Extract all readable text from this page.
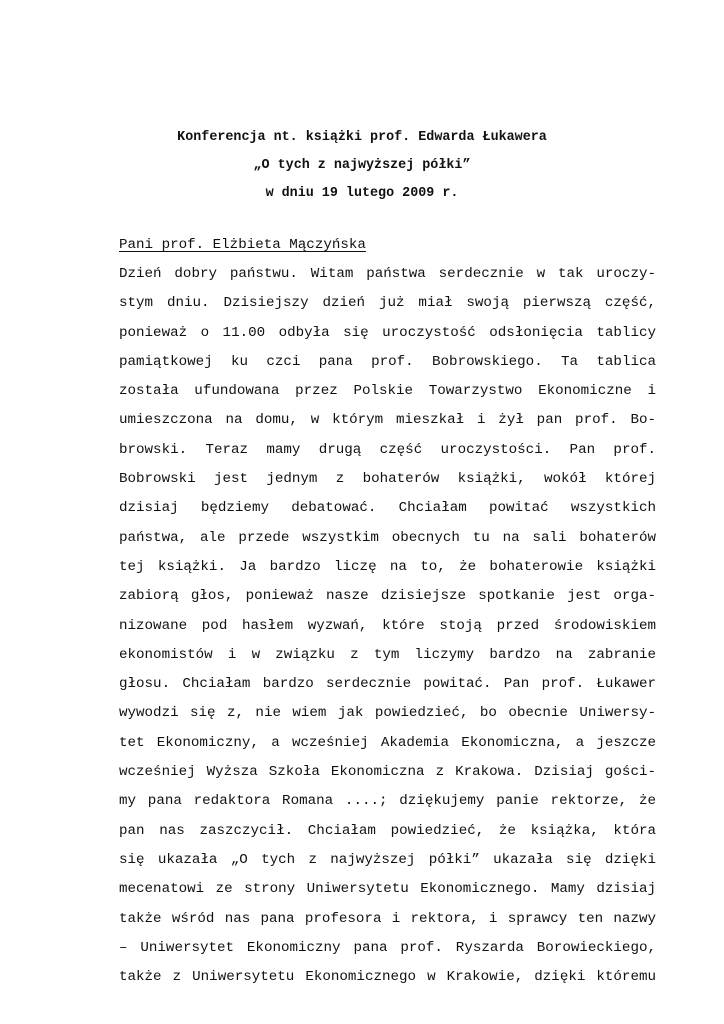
Konferencja nt. książki prof. Edwarda Łukawera
„O tych z najwyższej półki”
w dniu 19 lutego 2009 r.
Pani prof. Elżbieta Mączyńska
Dzień dobry państwu. Witam państwa serdecznie w tak uroczy-
stym dniu. Dzisiejszy dzień już miał swoją pierwszą część,
ponieważ o 11.00 odbyła się uroczystość odsłonięcia tablicy
pamiątkowej ku czci pana prof. Bobrowskiego. Ta tablica
została ufundowana przez Polskie Towarzystwo Ekonomiczne i
umieszczona na domu, w którym mieszkał i żył pan prof. Bo-
browski. Teraz mamy drugą część uroczystości. Pan prof.
Bobrowski jest jednym z bohaterów książki, wokół której
dzisiaj będziemy debatować. Chciałam powitać wszystkich
państwa, ale przede wszystkim obecnych tu na sali bohaterów
tej książki. Ja bardzo liczę na to, że bohaterowie książki
zabiorą głos, ponieważ nasze dzisiejsze spotkanie jest orga-
nizowane pod hasłem wyzwań, które stoją przed środowiskiem
ekonomistów i w związku z tym liczymy bardzo na zabranie
głosu. Chciałam bardzo serdecznie powitać. Pan prof. Łukawer
wywodzi się z, nie wiem jak powiedzieć, bo obecnie Uniwersy-
tet Ekonomiczny, a wcześniej Akademia Ekonomiczna, a jeszcze
wcześniej Wyższa Szkoła Ekonomiczna z Krakowa. Dzisiaj gości-
my pana redaktora Romana ....; dziękujemy panie rektorze, że
pan nas zaszczycił. Chciałam powiedzieć, że książka, która
się ukazała „O tych z najwyższej półki” ukazała się dzięki
mecenatowi ze strony Uniwersytetu Ekonomicznego. Mamy dzisiaj
także wśród nas pana profesora i rektora, i sprawcy ten nazwy
– Uniwersytet Ekonomiczny pana prof. Ryszarda Borowieckiego,
także z Uniwersytetu Ekonomicznego w Krakowie, dzięki któremu
